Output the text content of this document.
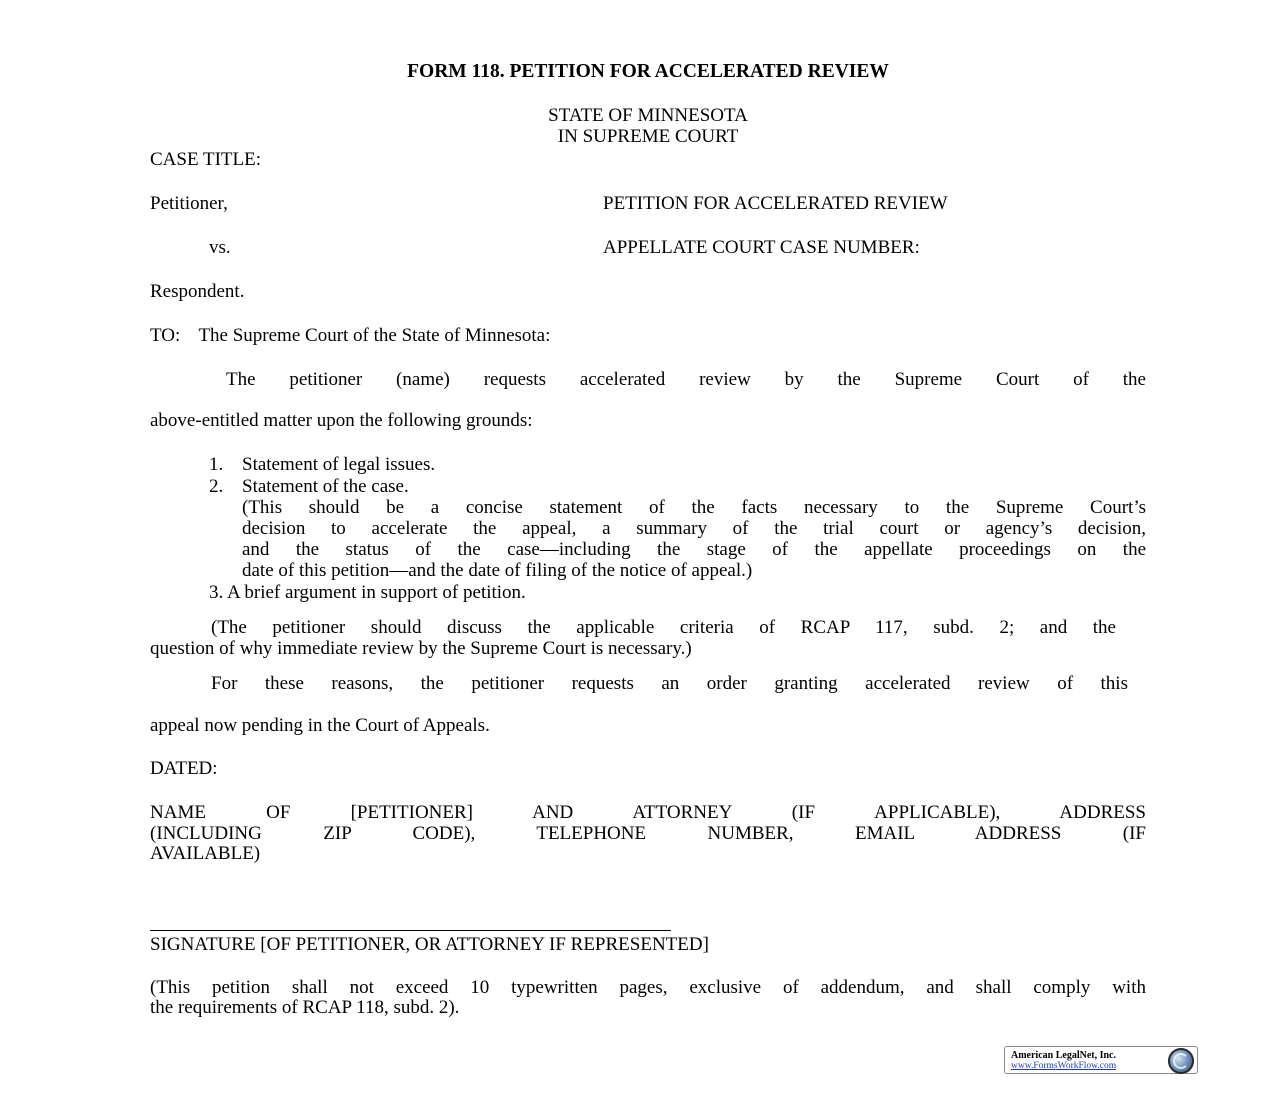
FORM 118. PETITION FOR ACCELERATED REVIEW
STATE OF MINNESOTA
IN SUPREME COURT
CASE TITLE:
Petitioner,	PETITION FOR ACCELERATED REVIEW
vs.	APPELLATE COURT CASE NUMBER:
Respondent.
TO: The Supreme Court of the State of Minnesota:
The petitioner (name) requests accelerated review by the Supreme Court of the
above-entitled matter upon the following grounds:
1. Statement of legal issues.
2. Statement of the case.
(This should be a concise statement of the facts necessary to the Supreme Court’s
decision to accelerate the appeal, a summary of the trial court or agency’s decision,
and the status of the case—including the stage of the appellate proceedings on the
date of this petition—and the date of filing of the notice of appeal.)
3. A brief argument in support of petition.
(The petitioner should discuss the applicable criteria of RCAP 117, subd. 2; and the
question of why immediate review by the Supreme Court is necessary.)
For these reasons, the petitioner requests an order granting accelerated review of this
appeal now pending in the Court of Appeals.
DATED:
NAME OF [PETITIONER] AND ATTORNEY (IF APPLICABLE), ADDRESS
(INCLUDING ZIP CODE), TELEPHONE NUMBER, EMAIL ADDRESS (IF
AVAILABLE)
SIGNATURE [OF PETITIONER, OR ATTORNEY IF REPRESENTED]
(This petition shall not exceed 10 typewritten pages, exclusive of addendum, and shall comply with
the requirements of RCAP 118, subd. 2).
American LegalNet, Inc.
www.FormsWorkFlow.com
